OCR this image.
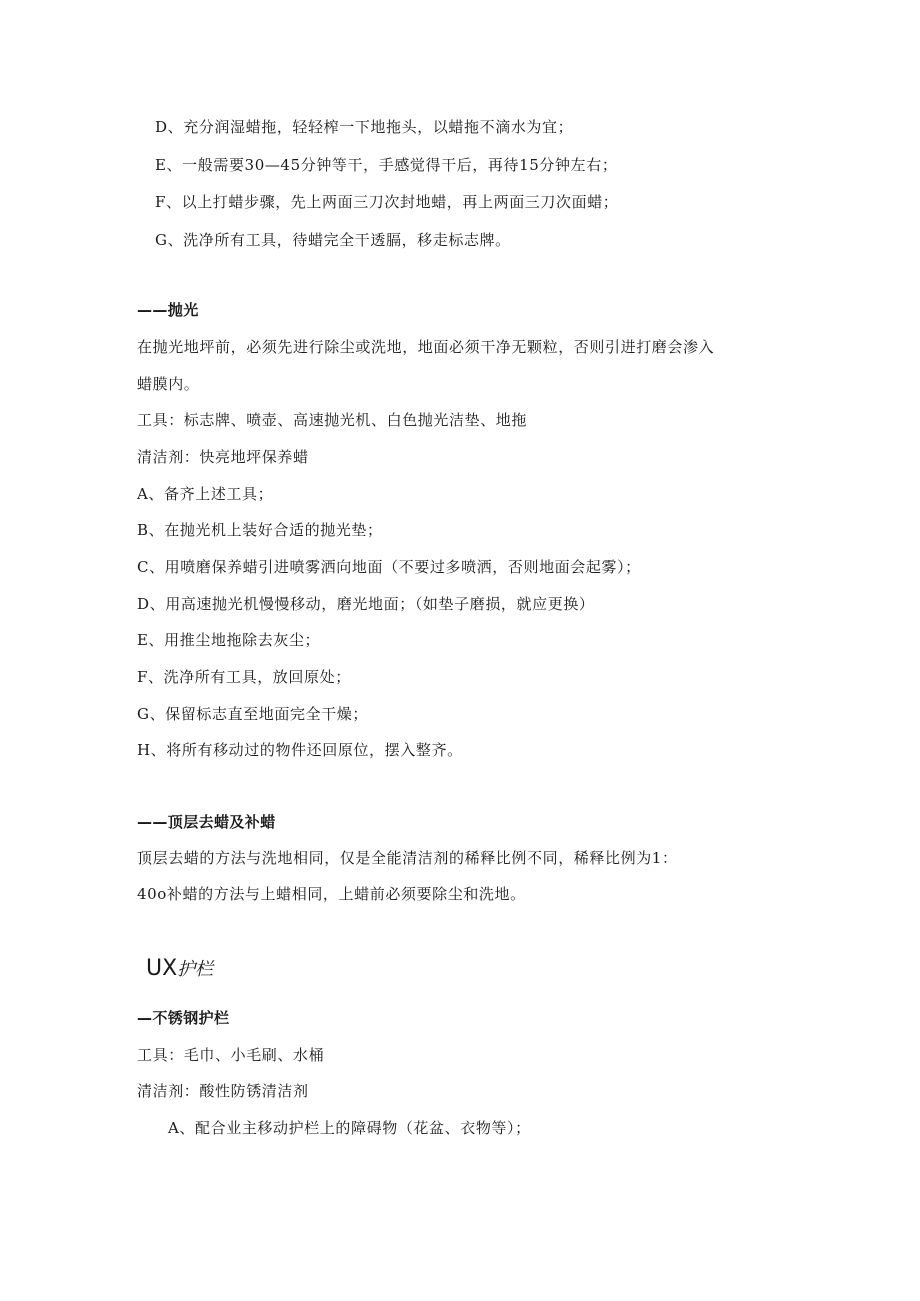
D、充分润湿蜡拖，轻轻榨一下地拖头，以蜡拖不滴水为宜；
E、一般需要30—45分钟等干，手感觉得干后，再待15分钟左右；
F、以上打蜡步骤，先上两面三刀次封地蜡，再上两面三刀次面蜡；
G、洗净所有工具，待蜡完全干透膈，移走标志牌。
——抛光
在抛光地坪前，必须先进行除尘或洗地，地面必须干净无颗粒，否则引进打磨会渗入
蜡膜内。
工具：标志牌、喷壶、高速抛光机、白色抛光洁垫、地拖
清洁剂：快亮地坪保养蜡
A、备齐上述工具；
B、在抛光机上装好合适的抛光垫；
C、用喷磨保养蜡引进喷雾洒向地面（不要过多喷洒，否则地面会起雾）；
D、用高速抛光机慢慢移动，磨光地面；（如垫子磨损，就应更换）
E、用推尘地拖除去灰尘；
F、洗净所有工具，放回原处；
G、保留标志直至地面完全干燥；
H、将所有移动过的物件还回原位，摆入整齐。
——顶层去蜡及补蜡
顶层去蜡的方法与洗地相同，仅是全能清洁剂的稀释比例不同，稀释比例为1：
40o补蜡的方法与上蜡相同，上蜡前必须要除尘和洗地。
UX护栏
—不锈钢护栏
工具：毛巾、小毛刷、水桶
清洁剂：酸性防锈清洁剂
A、配合业主移动护栏上的障碍物（花盆、衣物等）；
